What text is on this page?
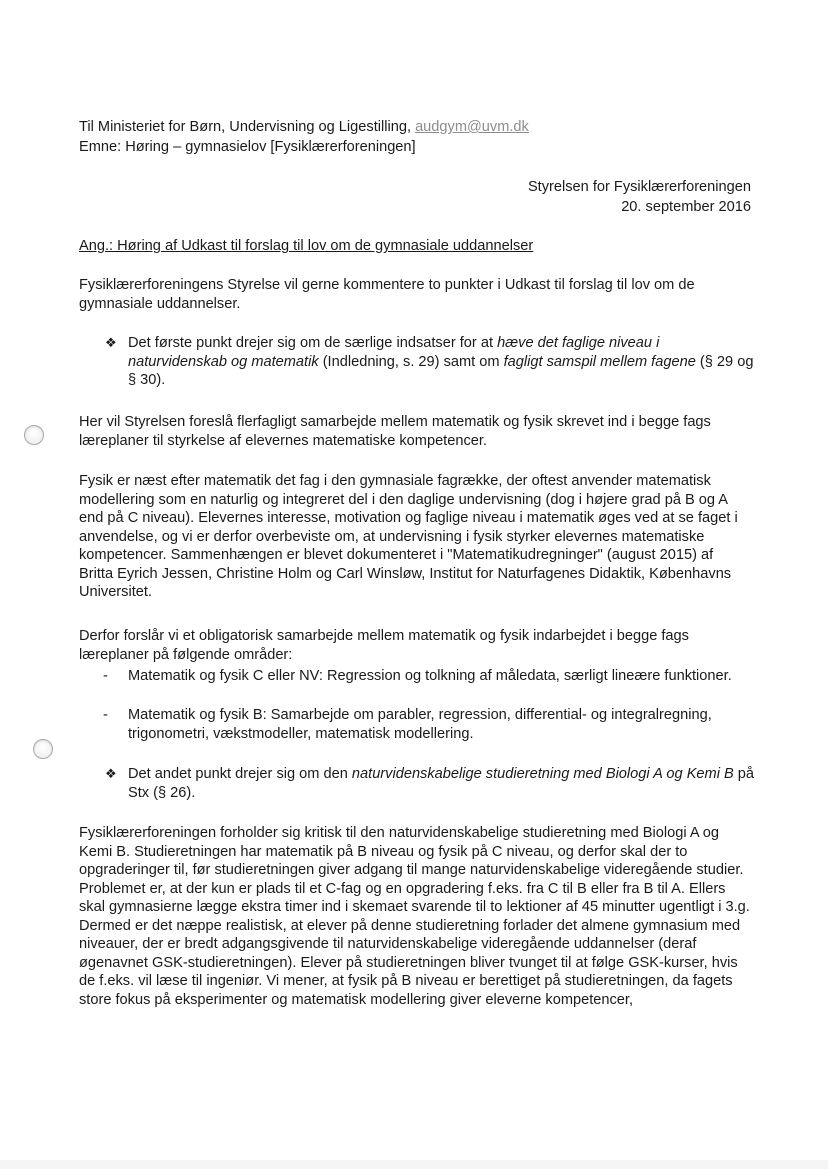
Til Ministeriet for Børn, Undervisning og Ligestilling, audgym@uvm.dk
Emne: Høring – gymnasielov [Fysiklærerforeningen]
Styrelsen for Fysiklærerforeningen
20. september 2016
Ang.: Høring af Udkast til forslag til lov om de gymnasiale uddannelser
Fysiklærerforeningens Styrelse vil gerne kommentere to punkter i Udkast til forslag til lov om de gymnasiale uddannelser.
❖ Det første punkt drejer sig om de særlige indsatser for at hæve det faglige niveau i naturvidenskab og matematik (Indledning, s. 29) samt om fagligt samspil mellem fagene (§ 29 og § 30).
Her vil Styrelsen foreslå flerfagligt samarbejde mellem matematik og fysik skrevet ind i begge fags læreplaner til styrkelse af elevernes matematiske kompetencer.
Fysik er næst efter matematik det fag i den gymnasiale fagrække, der oftest anvender matematisk modellering som en naturlig og integreret del i den daglige undervisning (dog i højere grad på B og A end på C niveau). Elevernes interesse, motivation og faglige niveau i matematik øges ved at se faget i anvendelse, og vi er derfor overbeviste om, at undervisning i fysik styrker elevernes matematiske kompetencer. Sammenhængen er blevet dokumenteret i "Matematikudregninger" (august 2015) af Britta Eyrich Jessen, Christine Holm og Carl Winsløw, Institut for Naturfagenes Didaktik, Københavns Universitet.
Derfor forslår vi et obligatorisk samarbejde mellem matematik og fysik indarbejdet i begge fags læreplaner på følgende områder:
- Matematik og fysik C eller NV: Regression og tolkning af måledata, særligt lineære funktioner.
- Matematik og fysik B: Samarbejde om parabler, regression, differential- og integralregning, trigonometri, vækstmodeller, matematisk modellering.
❖ Det andet punkt drejer sig om den naturvidenskabelige studieretning med Biologi A og Kemi B på Stx (§ 26).
Fysiklærerforeningen forholder sig kritisk til den naturvidenskabelige studieretning med Biologi A og Kemi B. Studieretningen har matematik på B niveau og fysik på C niveau, og derfor skal der to opgraderinger til, før studieretningen giver adgang til mange naturvidenskabelige videregående studier. Problemet er, at der kun er plads til et C-fag og en opgradering f.eks. fra C til B eller fra B til A. Ellers skal gymnasierne lægge ekstra timer ind i skemaet svarende til to lektioner af 45 minutter ugentligt i 3.g. Dermed er det næppe realistisk, at elever på denne studieretning forlader det almene gymnasium med niveauer, der er bredt adgangsgivende til naturvidenskabelige videregående uddannelser (deraf øgenavnet GSK-studieretningen). Elever på studieretningen bliver tvunget til at følge GSK-kurser, hvis de f.eks. vil læse til ingeniør. Vi mener, at fysik på B niveau er berettiget på studieretningen, da fagets store fokus på eksperimenter og matematisk modellering giver eleverne kompetencer,
